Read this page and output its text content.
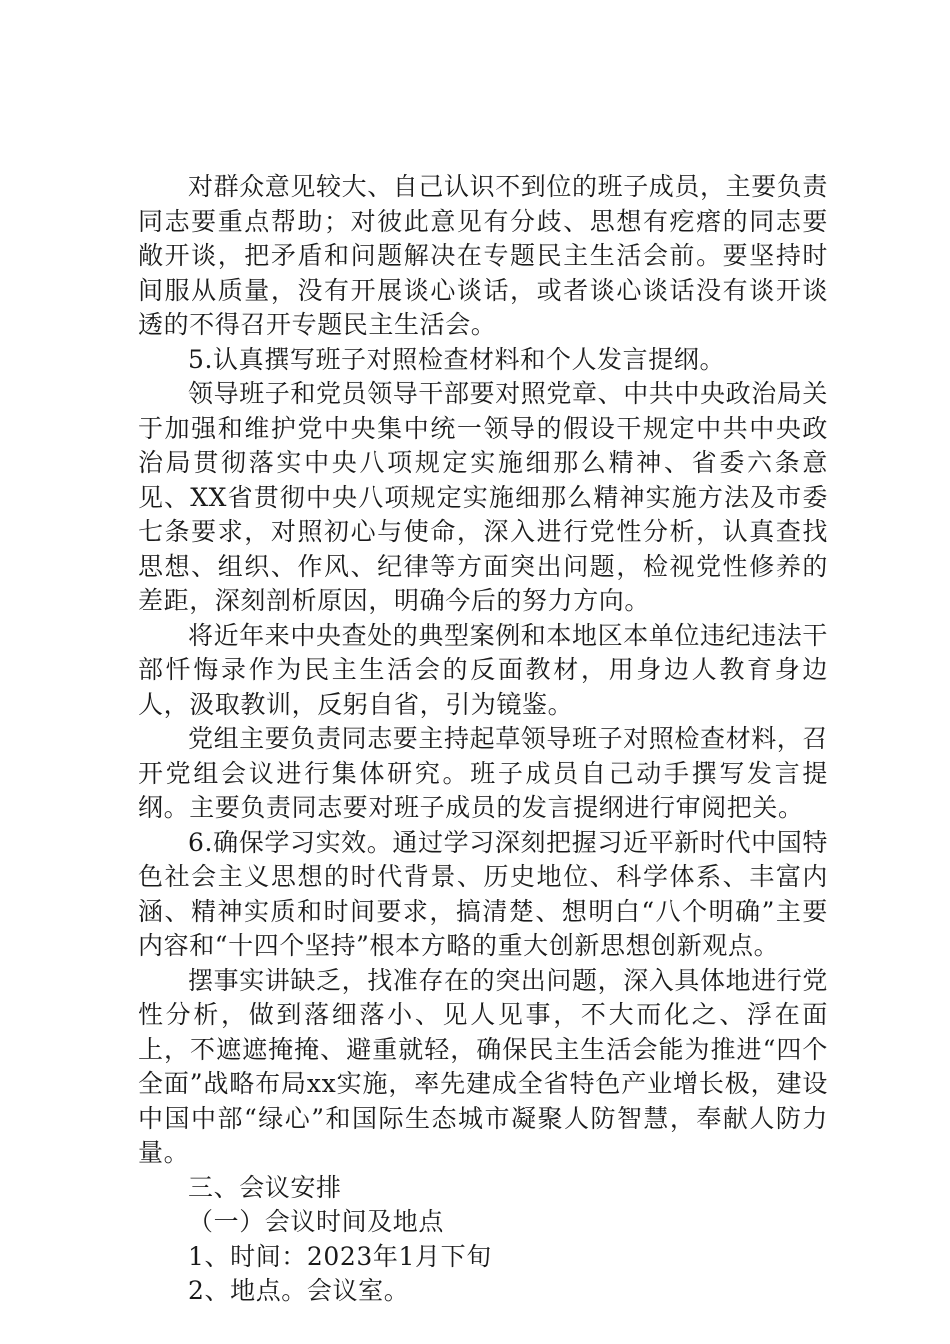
对群众意见较大、自己认识不到位的班子成员，主要负责同志要重点帮助；对彼此意见有分歧、思想有疙瘩的同志要敞开谈，把矛盾和问题解决在专题民主生活会前。要坚持时间服从质量，没有开展谈心谈话，或者谈心谈话没有谈开谈透的不得召开专题民主生活会。

5.认真撰写班子对照检查材料和个人发言提纲。

领导班子和党员领导干部要对照党章、中共中央政治局关于加强和维护党中央集中统一领导的假设干规定中共中央政治局贯彻落实中央八项规定实施细那么精神、省委六条意见、XX省贯彻中央八项规定实施细那么精神实施方法及市委七条要求，对照初心与使命，深入进行党性分析，认真查找思想、组织、作风、纪律等方面突出问题，检视党性修养的差距，深刻剖析原因，明确今后的努力方向。

将近年来中央查处的典型案例和本地区本单位违纪违法干部忏悔录作为民主生活会的反面教材，用身边人教育身边人，汲取教训，反躬自省，引为镜鉴。

党组主要负责同志要主持起草领导班子对照检查材料，召开党组会议进行集体研究。班子成员自己动手撰写发言提纲。主要负责同志要对班子成员的发言提纲进行审阅把关。

6.确保学习实效。通过学习深刻把握习近平新时代中国特色社会主义思想的时代背景、历史地位、科学体系、丰富内涵、精神实质和时间要求，搞清楚、想明白“八个明确”主要内容和“十四个坚持”根本方略的重大创新思想创新观点。

摆事实讲缺乏，找准存在的突出问题，深入具体地进行党性分析，做到落细落小、见人见事，不大而化之、浮在面上，不遮遮掩掩、避重就轻，确保民主生活会能为推进“四个全面”战略布局xx实施，率先建成全省特色产业增长极，建设中国中部“绿心”和国际生态城市凝聚人防智慧，奉献人防力量。

三、会议安排

（一）会议时间及地点

1、时间：2023年1月下旬

2、地点。会议室。
